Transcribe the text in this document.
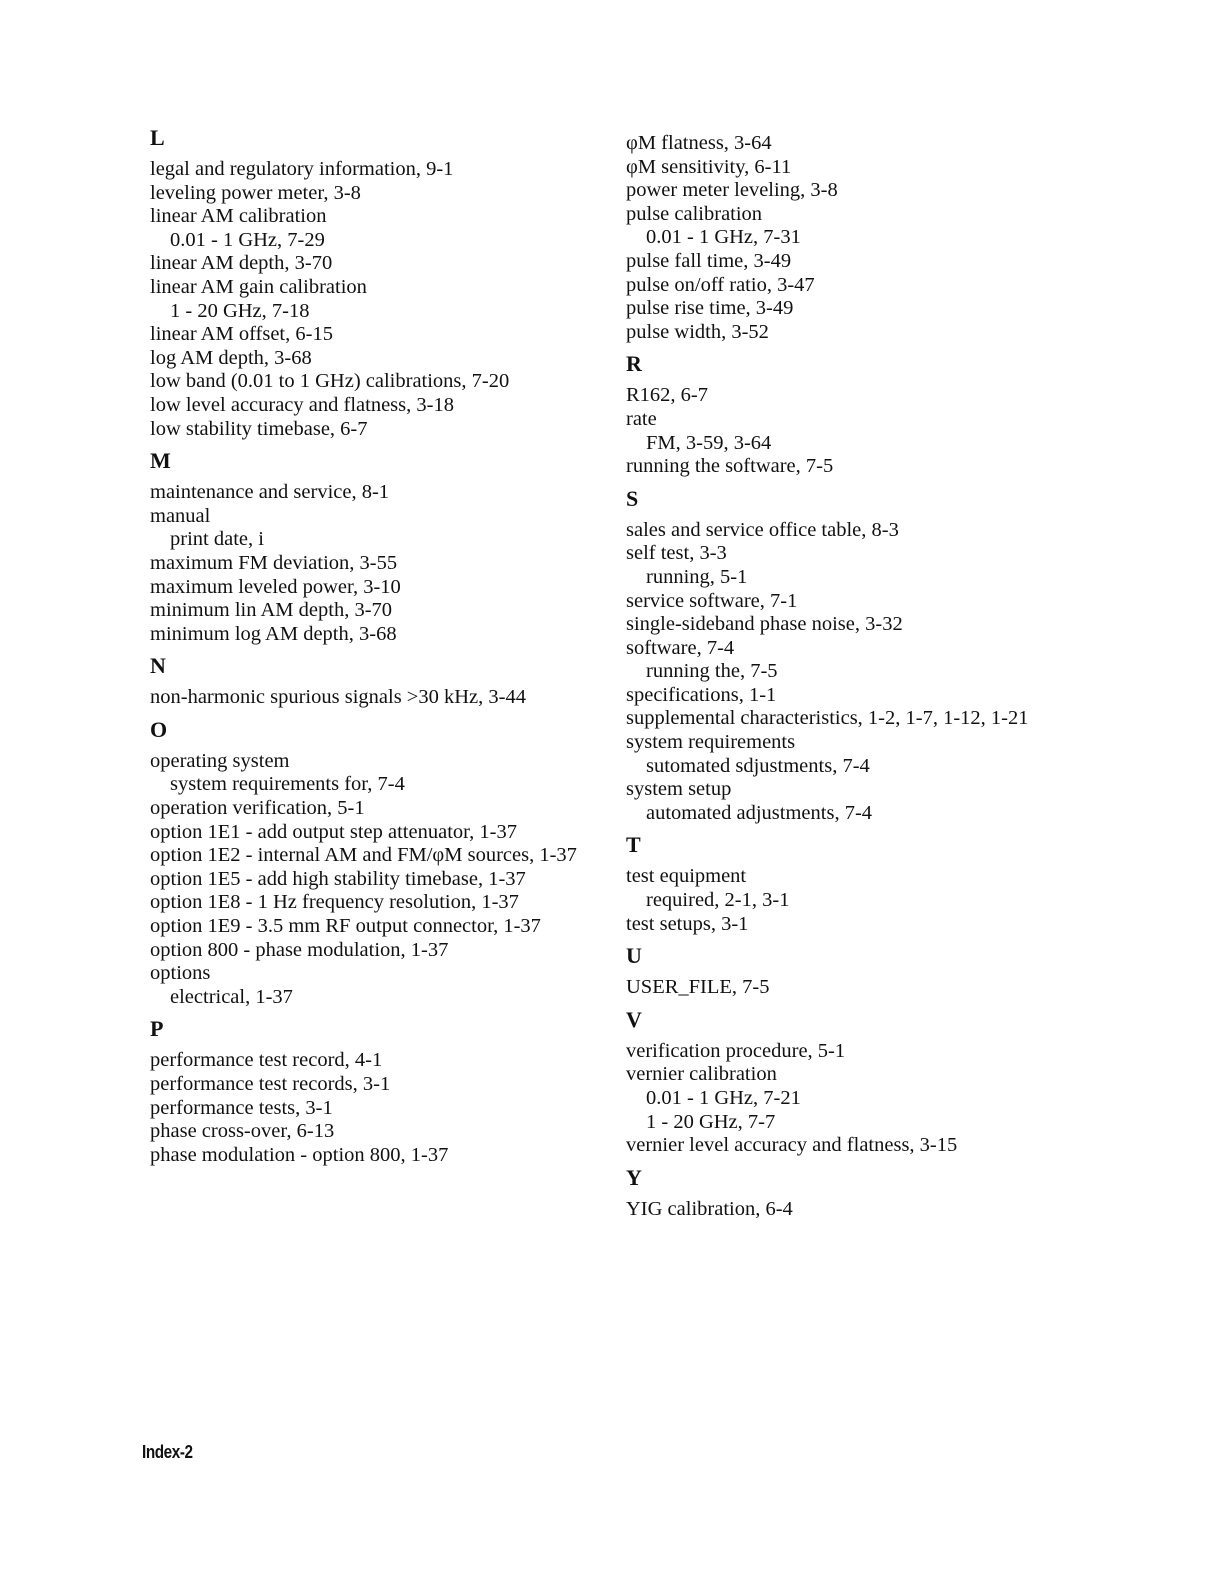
L
legal and regulatory information, 9-1
leveling power meter, 3-8
linear AM calibration
0.01 - 1 GHz, 7-29
linear AM depth, 3-70
linear AM gain calibration
1 - 20 GHz, 7-18
linear AM offset, 6-15
log AM depth, 3-68
low band (0.01 to 1 GHz) calibrations, 7-20
low level accuracy and flatness, 3-18
low stability timebase, 6-7
M
maintenance and service, 8-1
manual
print date, i
maximum FM deviation, 3-55
maximum leveled power, 3-10
minimum lin AM depth, 3-70
minimum log AM depth, 3-68
N
non-harmonic spurious signals >30 kHz, 3-44
O
operating system
system requirements for, 7-4
operation verification, 5-1
option 1E1 - add output step attenuator, 1-37
option 1E2 - internal AM and FM/φM sources, 1-37
option 1E5 - add high stability timebase, 1-37
option 1E8 - 1 Hz frequency resolution, 1-37
option 1E9 - 3.5 mm RF output connector, 1-37
option 800 - phase modulation, 1-37
options
electrical, 1-37
P
performance test record, 4-1
performance test records, 3-1
performance tests, 3-1
phase cross-over, 6-13
phase modulation - option 800, 1-37
φM flatness, 3-64
φM sensitivity, 6-11
power meter leveling, 3-8
pulse calibration
0.01 - 1 GHz, 7-31
pulse fall time, 3-49
pulse on/off ratio, 3-47
pulse rise time, 3-49
pulse width, 3-52
R
R162, 6-7
rate
FM, 3-59, 3-64
running the software, 7-5
S
sales and service office table, 8-3
self test, 3-3
running, 5-1
service software, 7-1
single-sideband phase noise, 3-32
software, 7-4
running the, 7-5
specifications, 1-1
supplemental characteristics, 1-2, 1-7, 1-12, 1-21
system requirements
sutomated sdjustments, 7-4
system setup
automated adjustments, 7-4
T
test equipment
required, 2-1, 3-1
test setups, 3-1
U
USER_FILE, 7-5
V
verification procedure, 5-1
vernier calibration
0.01 - 1 GHz, 7-21
1 - 20 GHz, 7-7
vernier level accuracy and flatness, 3-15
Y
YIG calibration, 6-4
Index-2
